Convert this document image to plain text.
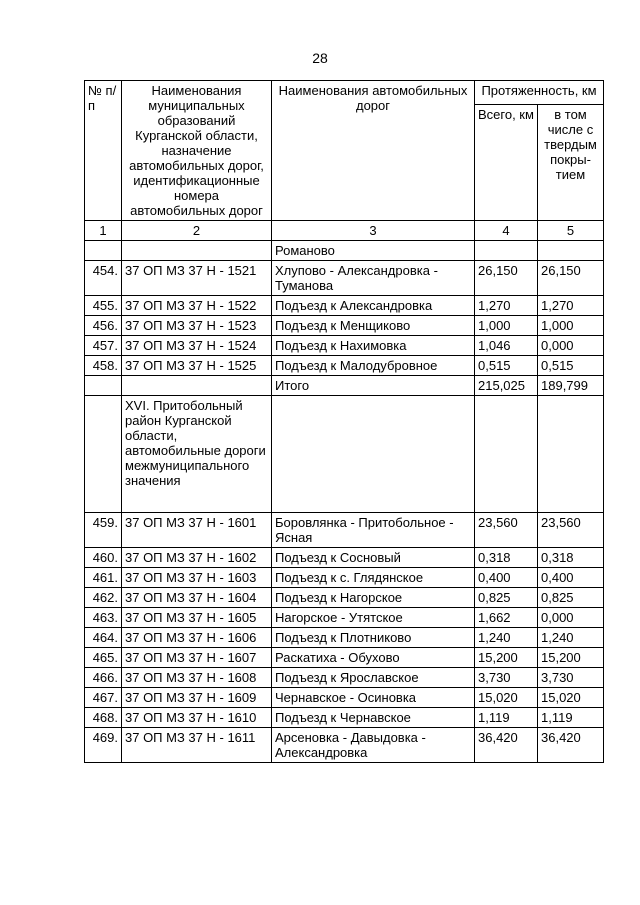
28
№ п/п	Наименования муниципальных образований Курганской области, назначение автомобильных дорог, идентификационные номера автомобильных дорог	Наименования автомобильных дорог	Протяженность, км	
			Всего, км	в том числе с твердым покры- тием
1	2	3	4	5
		Романово		
454.	37 ОП МЗ 37 Н - 1521	Хлупово - Александровка - Туманова	26,150	26,150
455.	37 ОП МЗ 37 Н - 1522	Подъезд к Александровка	1,270	1,270
456.	37 ОП МЗ 37 Н - 1523	Подъезд к Менщиково	1,000	1,000
457.	37 ОП МЗ 37 Н - 1524	Подъезд к Нахимовка	1,046	0,000
458.	37 ОП МЗ 37 Н - 1525	Подъезд к Малодубровное	0,515	0,515
		Итого	215,025	189,799
	XVI. Притобольный район Курганской области, автомобильные дороги межмуниципального значения			
459.	37 ОП МЗ 37 Н - 1601	Боровлянка - Притобольное - Ясная	23,560	23,560
460.	37 ОП МЗ 37 Н - 1602	Подъезд к Сосновый	0,318	0,318
461.	37 ОП МЗ 37 Н - 1603	Подъезд к с. Глядянское	0,400	0,400
462.	37 ОП МЗ 37 Н - 1604	Подъезд к Нагорское	0,825	0,825
463.	37 ОП МЗ 37 Н - 1605	Нагорское - Утятское	1,662	0,000
464.	37 ОП МЗ 37 Н - 1606	Подъезд к Плотниково	1,240	1,240
465.	37 ОП МЗ 37 Н - 1607	Раскатиха - Обухово	15,200	15,200
466.	37 ОП МЗ 37 Н - 1608	Подъезд к Ярославское	3,730	3,730
467.	37 ОП МЗ 37 Н - 1609	Чернавское - Осиновка	15,020	15,020
468.	37 ОП МЗ 37 Н - 1610	Подъезд к Чернавское	1,119	1,119
469.	37 ОП МЗ 37 Н - 1611	Арсеновка - Давыдовка - Александровка	36,420	36,420
